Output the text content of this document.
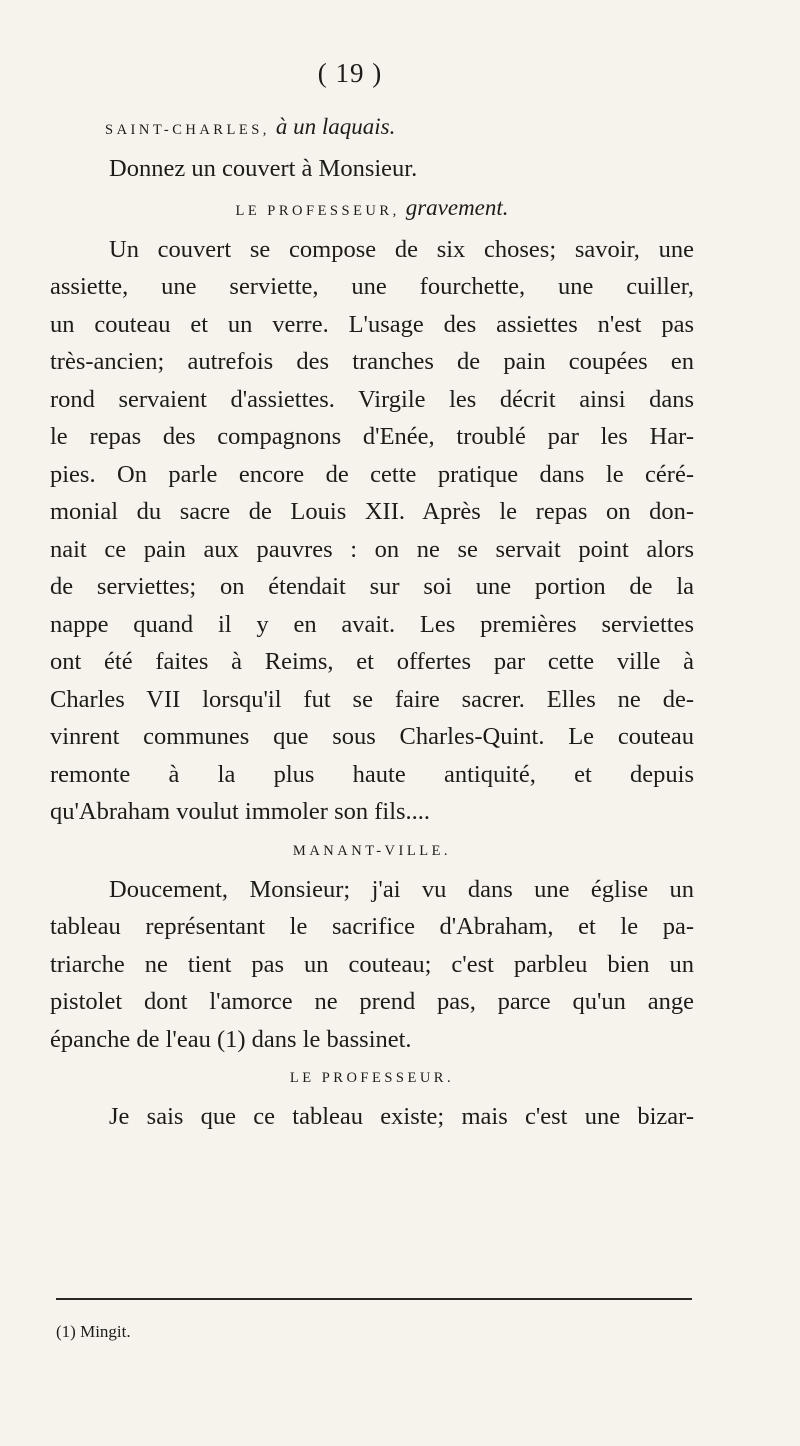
( 19 )
SAINT-CHARLES, à un laquais.
Donnez un couvert à Monsieur.
LE PROFESSEUR, gravement.
Un couvert se compose de six choses; savoir, une
assiette, une serviette, une fourchette, une cuiller,
un couteau et un verre. L'usage des assiettes n'est pas
très-ancien; autrefois des tranches de pain coupées en
rond servaient d'assiettes. Virgile les décrit ainsi dans
le repas des compagnons d'Enée, troublé par les Har-
pies. On parle encore de cette pratique dans le céré-
monial du sacre de Louis XII. Après le repas on don-
nait ce pain aux pauvres : on ne se servait point alors
de serviettes; on étendait sur soi une portion de la
nappe quand il y en avait. Les premières serviettes
ont été faites à Reims, et offertes par cette ville à
Charles VII lorsqu'il fut se faire sacrer. Elles ne de-
vinrent communes que sous Charles-Quint. Le couteau
remonte à la plus haute antiquité, et depuis
qu'Abraham voulut immoler son fils....
MANANT-VILLE.
Doucement, Monsieur; j'ai vu dans une église un
tableau représentant le sacrifice d'Abraham, et le pa-
triarche ne tient pas un couteau; c'est parbleu bien un
pistolet dont l'amorce ne prend pas, parce qu'un ange
épanche de l'eau (1) dans le bassinet.
LE PROFESSEUR.
Je sais que ce tableau existe; mais c'est une bizar-
(1) Mingit.
